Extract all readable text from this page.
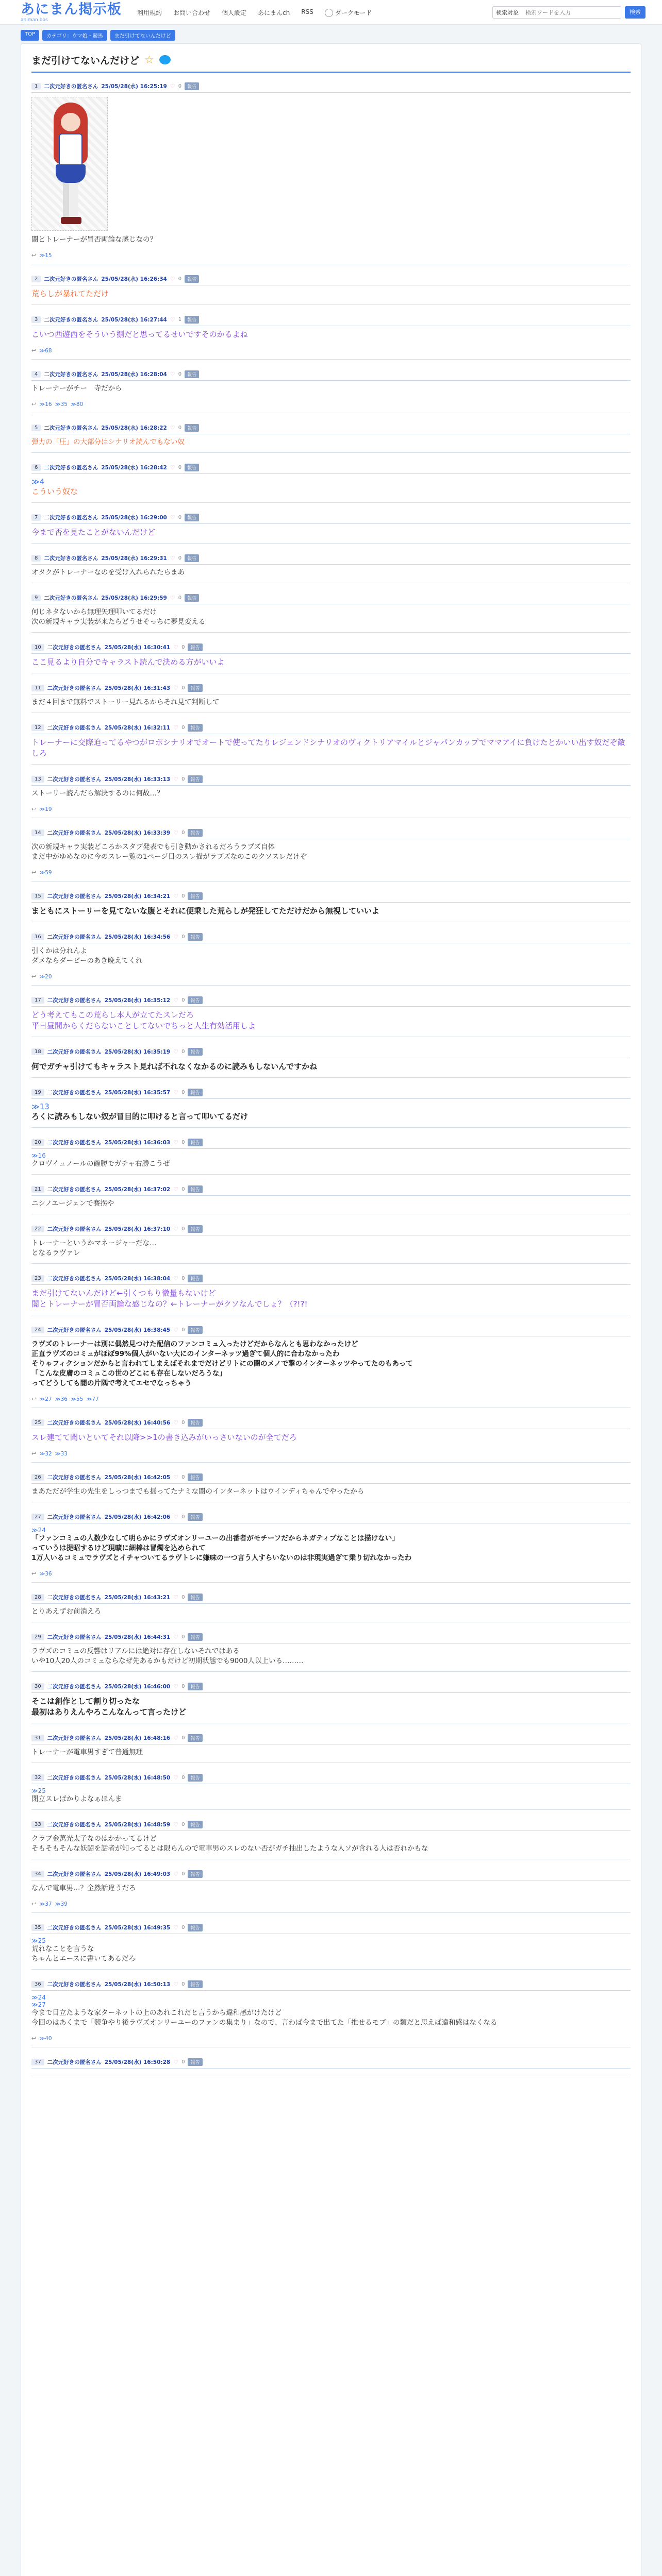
あにまん掲示板
animan bbs
利用規約 お問い合わせ 個人設定 あにまんch RSS	ダークモード	検索対象
検索ワードを入力	検索
TOP	カテゴリ：ウマ娘・競馬	まだ引けてないんだけど
まだ引けてないんだけど ☆
1	二次元好きの匿名さん 25/05/28(水) 16:25:19 ♡ 0	報告
闇とトレーナーが冒否両論な感じなの？
↩ ≫15
2	二次元好きの匿名さん 25/05/28(水) 16:26:34 ♡ 0	報告
荒らしが暴れてただけ
3	二次元好きの匿名さん 25/05/28(水) 16:27:44 ♡ 1	報告
こいつ西遊西をそういう捌だと思ってるせいですそのかるよね
↩ ≫68
4	二次元好きの匿名さん 25/05/28(水) 16:28:04 ♡ 0	報告
トレーナーがチー　寺だから
↩ ≫16 ≫35 ≫80
5	二次元好きの匿名さん 25/05/28(水) 16:28:22 ♡ 0	報告
弾力の「圧」の大部分はシナリオ読んでもない奴
6	二次元好きの匿名さん 25/05/28(水) 16:28:42 ♡ 0	報告
≫4
こういう奴な
7	二次元好きの匿名さん 25/05/28(水) 16:29:00 ♡ 0	報告
今まで否を見たことがないんだけど
8	二次元好きの匿名さん 25/05/28(水) 16:29:31 ♡ 0	報告
オタクがトレーナーなのを受け入れられたらまあ
9	二次元好きの匿名さん 25/05/28(水) 16:29:59 ♡ 0	報告
何じネタないから無理矢理叩いてるだけ
次の新規キャラ実装が来たらどうせそっちに夢見変える
10	二次元好きの匿名さん 25/05/28(水) 16:30:41 ♡ 0	報告
ここ見るより自分でキャラスト読んで決める方がいいよ
11	二次元好きの匿名さん 25/05/28(水) 16:31:43 ♡ 0	報告
まだ４回まで無料でストーリー見れるからそれ見て判断して
12	二次元好きの匿名さん 25/05/28(水) 16:32:11 ♡ 0	報告
トレーナーに交際迫ってるやつがロボシナリオでオートで使ってたりレジェンドシナリオのヴィクトリアマイルとジャパンカップでママアイに負けたとかいい出す奴だぞ敵しろ
13	二次元好きの匿名さん 25/05/28(水) 16:33:13 ♡ 0	報告
ストーリー読んだら解決するのに何故…？
↩ ≫19
14	二次元好きの匿名さん 25/05/28(水) 16:33:39 ♡ 0	報告
次の新規キャラ実装どころかスタブ発表でも引き動かされるだろうラブズ自体
まだ中がゆめなのに今のスレー覧の1ページ目のスレ描がラブズなのこのクソスレだけぞ
↩ ≫59
15	二次元好きの匿名さん 25/05/28(水) 16:34:21 ♡ 0	報告
まともにストーリーを見てないな腹とそれに便乗した荒らしが発狂してただけだから無視していいよ
16	二次元好きの匿名さん 25/05/28(水) 16:34:56 ♡ 0	報告
引くかは分れんよ
ダメならダービーのあき晩えてくれ
↩ ≫20
17	二次元好きの匿名さん 25/05/28(水) 16:35:12 ♡ 0	報告
どう考えてもこの荒らし本人が立てたスレだろ
平日昼間からくだらないことしてないでちっと人生有効活用しよ
18	二次元好きの匿名さん 25/05/28(水) 16:35:19 ♡ 0	報告
何でガチャ引けてもキャラスト見れば不れなくなかるのに読みもしないんですかね
19	二次元好きの匿名さん 25/05/28(水) 16:35:57 ♡ 0	報告
≫13
ろくに読みもしない奴が冒目的に叩けると言って叩いてるだけ
20	二次元好きの匿名さん 25/05/28(水) 16:36:03 ♡ 0	報告
≫16
クロヴイュノールの確勝でガチャ右勝こうぜ
21	二次元好きの匿名さん 25/05/28(水) 16:37:02 ♡ 0	報告
ニシノエージェンで賽拐や
22	二次元好きの匿名さん 25/05/28(水) 16:37:10 ♡ 0	報告
トレーナーというかマネージャーだな…
となるラヴァレ
23	二次元好きの匿名さん 25/05/28(水) 16:38:04 ♡ 0	報告
まだ引けてないんだけど←引くつもり微量もないけど
闇とトレーナーが冒否両論な感じなの？←トレーナーがクソなんでしょ？（?!?!
24	二次元好きの匿名さん 25/05/28(水) 16:38:45 ♡ 0	報告
ラヴズのトレーナーは別に偶然見つけた配信のファンコミュ入ったけどだからなんとも思わなかったけど
正直ラヴズのコミュがほぼ99%個人がいない大にのインターネッツ過ぎて個人的に合わなかったわ
そりゃフィクションだからと言われてしまえばそれまでだけどリトにの闇のメノで撃のインターネッツやってたのもあって
「こんな皮膚のコミュこの世のどこにも存在しないだろうな」
ってどうしても闇の片隅で考えてエセでなっちゃう
↩ ≫27 ≫36 ≫55 ≫77
25	二次元好きの匿名さん 25/05/28(水) 16:40:56 ♡ 0	報告
スレ建てて聞いといてそれ以降>>1の書き込みがいっさいないのが全てだろ
↩ ≫32 ≫33
26	二次元好きの匿名さん 25/05/28(水) 16:42:05 ♡ 0	報告
まあただが学生の先生をしっつまでも揺ってたナミな闇のインターネットはウインディちゃんでやったから
27	二次元好きの匿名さん 25/05/28(水) 16:42:06 ♡ 0	報告
≫24
「ファンコミュの人数少なして明らかにラヴズオンリーユーの出番者がモチーフだからネガティブなことは描けない」
っていうは提昭するけど現曠に細棒は冒燭を込められて
1万人いるコミュでラヴズとイチャついてるラヴトレに嫌味の一つ言う人すらいないのは非現実過ぎて乗り切れなかったわ
↩ ≫36
28	二次元好きの匿名さん 25/05/28(水) 16:43:21 ♡ 0	報告
とりあえずお前消えろ
29	二次元好きの匿名さん 25/05/28(水) 16:44:31 ♡ 0	報告
ラヴズのコミュの反響はリアルには絶対に存在しないそれではある
いや10人20人のコミュならなぜ先あるかもだけど初期状態でも9000人以上いる………
30	二次元好きの匿名さん 25/05/28(水) 16:46:00 ♡ 0	報告
そこは創作として割り切ったな
最初はありえんやろこんなんって言ったけど
31	二次元好きの匿名さん 25/05/28(水) 16:48:16 ♡ 0	報告
トレーナーが電車男すぎて普通無理
32	二次元好きの匿名さん 25/05/28(水) 16:48:50 ♡ 0	報告
≫25
閉立スレばかりよなぁほんま
33	二次元好きの匿名さん 25/05/28(水) 16:48:59 ♡ 0	報告
クラブ金萬光太子なのはかかってるけど
そもそもそんな妖闘を話者が知ってるとは限らんので電車男のスレのない否がガチ抽出したような人ソが含れる人は否れかもな
34	二次元好きの匿名さん 25/05/28(水) 16:49:03 ♡ 0	報告
なんで電車男…？全然話違うだろ
↩ ≫37 ≫39
35	二次元好きの匿名さん 25/05/28(水) 16:49:35 ♡ 0	報告
≫25
荒れなことを言うな
ちゃんとエースに書いてあるだろ
36	二次元好きの匿名さん 25/05/28(水) 16:50:13 ♡ 0	報告
≫24
≫27
今まで目立たような家ターネットの上のあれこれだと言うから違和感がけたけど
今回のはあくまで「競争やり後ラヴズオンリーユーのファンの集まり」なので、言わば今まで出てた「推せるモブ」の類だと思えば違和感はなくなる
↩ ≫40
37	二次元好きの匿名さん 25/05/28(水) 16:50:28 ♡ 0	報告
